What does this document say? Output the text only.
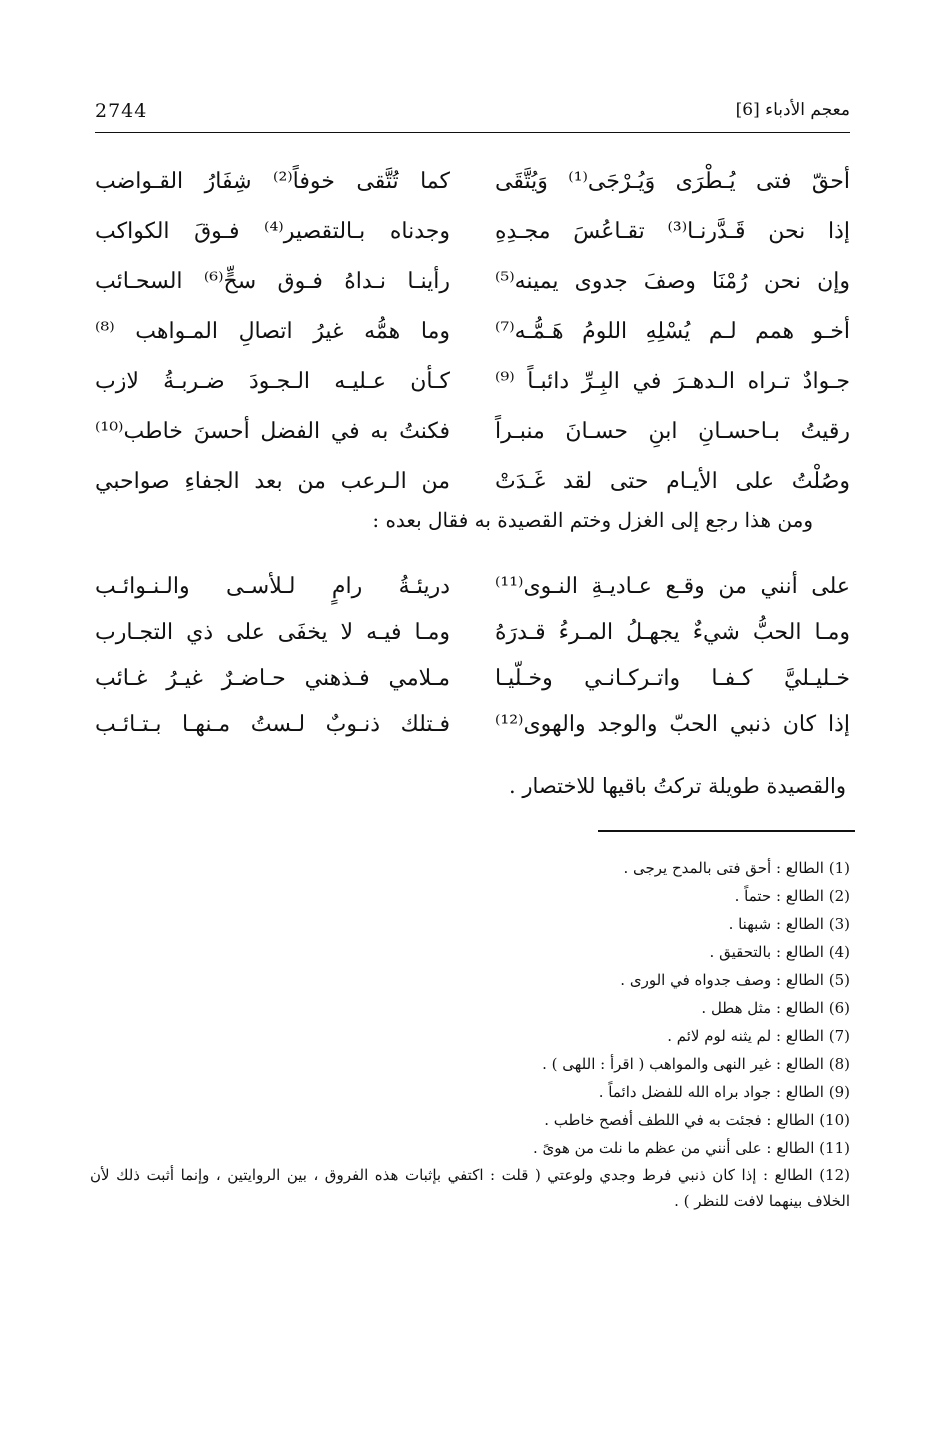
2744	معجم الأدباء [6]
أحقّ فتى يُـطْرَى وَيُـرْجَى⁽¹⁾ وَيُتَّقَى
كما تُتَّقى خوفاً⁽²⁾ شِفَارُ القـواضب
إذا نحن قَـدَّرنـا⁽³⁾ تقـاعُسَ مجـدِهِ
وجدناه بـالتقصير⁽⁴⁾ فـوقَ الكواكب
وإن نحن رُمْنَا وصفَ جدوى يمينه⁽⁵⁾
رأينـا نـداهُ فـوق سحٍّ⁽⁶⁾ السحـائب
أخـو همم لـم يُسْلِهِ اللومُ هَـمُّـه⁽⁷⁾
وما همُّه غيرُ اتصالِ المـواهب ⁽⁸⁾
جـوادٌ تـراه الـدهـرَ في البِـرِّ دائبـاً ⁽⁹⁾
كـأن عـليـه الـجـودَ ضـربـةُ لازب
رقيتُ بـاحسـانِ ابنِ حسـانَ منبـراً
فكنتُ به في الفضل أحسنَ خاطب⁽¹⁰⁾
وصُلْتُ على الأيـام حتى لقد غَـدَتْ
من الـرعب من بعد الجفاءِ صواحبي
ومن هذا رجع إلى الغزل وختم القصيدة به فقال بعده :
على أنني من وقـع عـاديـةِ النـوى⁽¹¹⁾
دريئـةُ رامٍ لـلأسـى والـنـوائـب
ومـا الحبُّ شيءٌ يجهـلُ المـرءُ قـدرَهُ
ومـا فيـه لا يخفَى على ذي التجـارب
خـليـليَّ كـفـا واتـركـانـي وخـلّيـا
مـلامي فـذهني حـاضـرٌ غيـرُ غـائب
إذا كان ذنبي الحبّ والوجد والهوى⁽¹²⁾
فـتلك ذنـوبٌ لـستُ مـنهـا بـتـائـب
والقصيدة طويلة تركتُ باقيها للاختصار .
(1) الطالع : أحق فتى بالمدح يرجى .
(2) الطالع : حتماً .
(3) الطالع : شبهنا .
(4) الطالع : بالتحقيق .
(5) الطالع : وصف جدواه في الورى .
(6) الطالع : مثل هطل .
(7) الطالع : لم يثنه لوم لائم .
(8) الطالع : غير النهى والمواهب ( اقرأ : اللهى ) .
(9) الطالع : جواد براه الله للفضل دائماً .
(10) الطالع : فجئت به في اللطف أفصح خاطب .
(11) الطالع : على أنني من عظم ما نلت من هوىً .
(12) الطالع : إذا كان ذنبي فرط وجدي ولوعتي ( قلت : اكتفي بإثبات هذه الفروق ، بين الروايتين ، وإنما أثبت ذلك لأن الخلاف بينهما لافت للنظر ) .
